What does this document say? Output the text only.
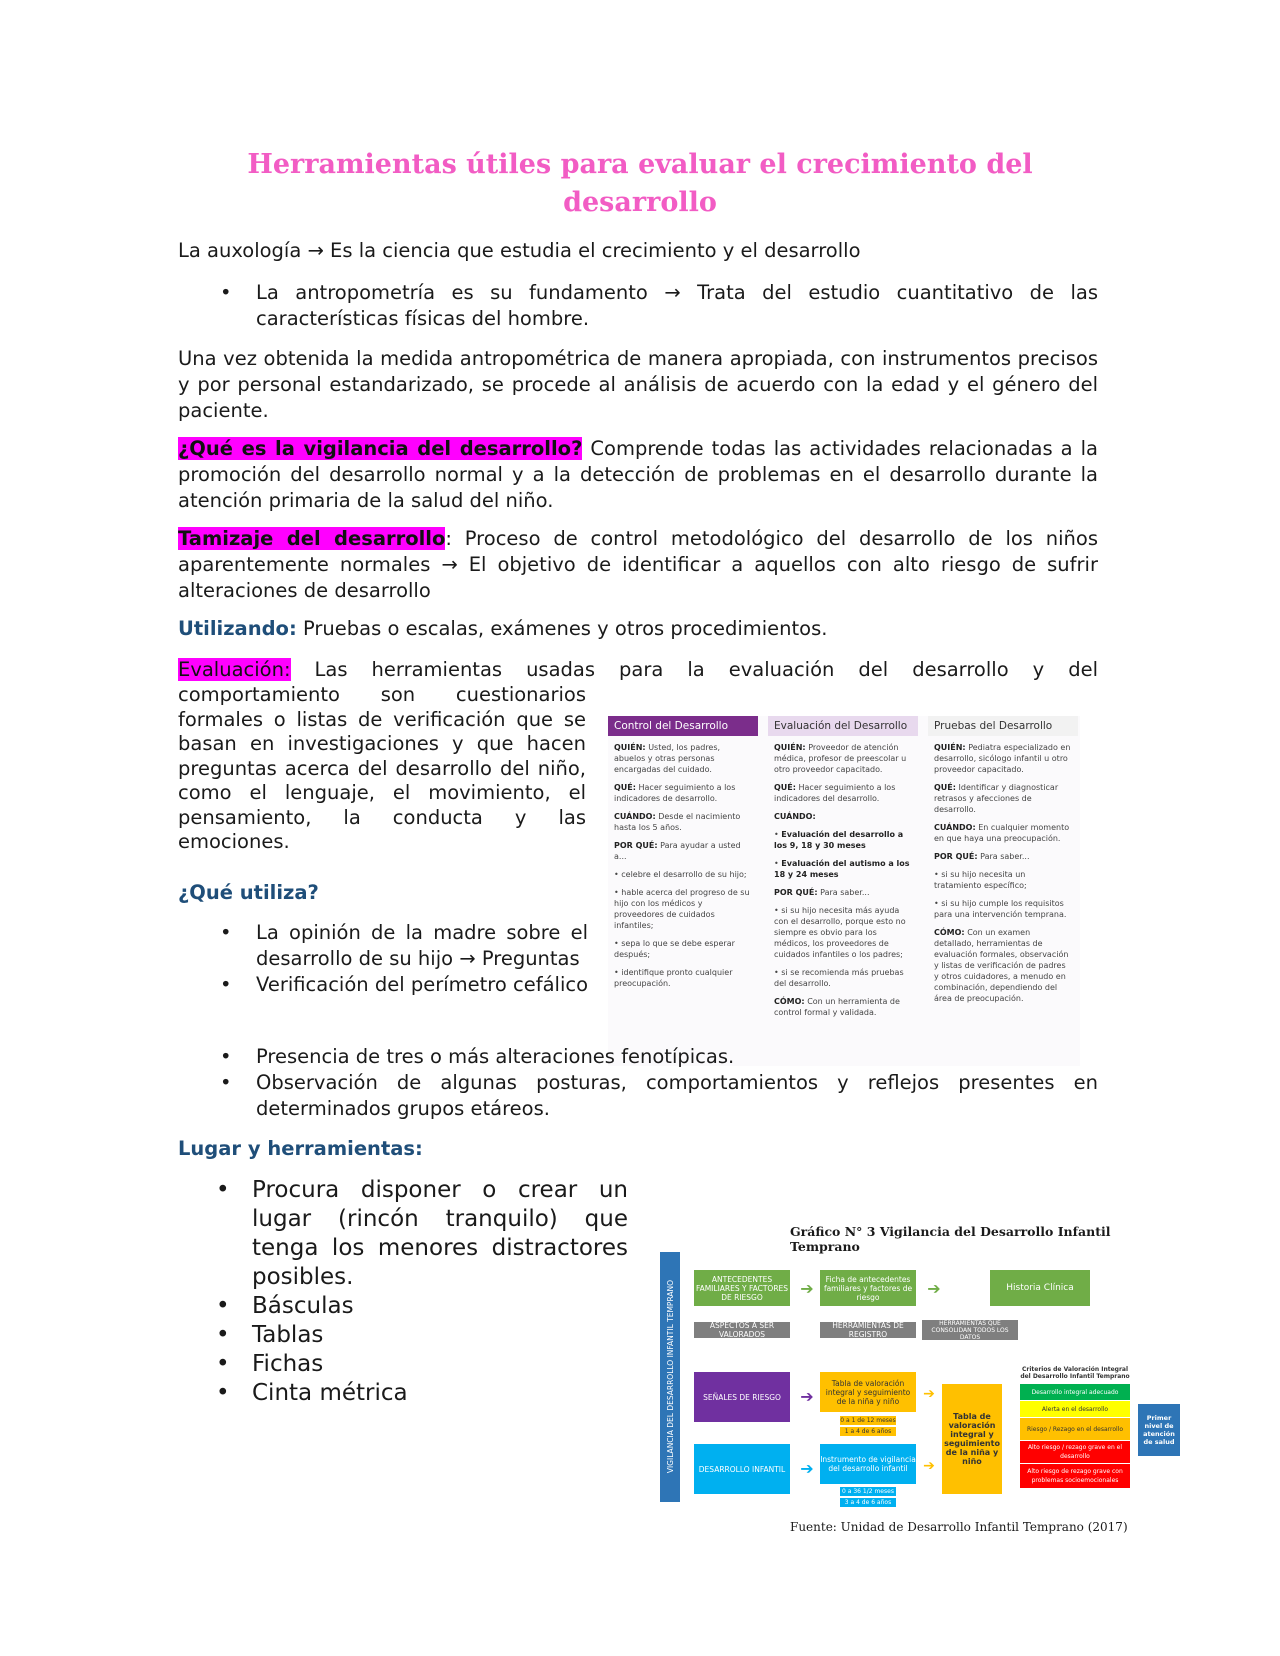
Herramientas útiles para evaluar el crecimiento del desarrollo

La auxología → Es la ciencia que estudia el crecimiento y el desarrollo

• La antropometría es su fundamento → Trata del estudio cuantitativo de las características físicas del hombre.

Una vez obtenida la medida antropométrica de manera apropiada, con instrumentos precisos y por personal estandarizado, se procede al análisis de acuerdo con la edad y el género del paciente.

¿Qué es la vigilancia del desarrollo? Comprende todas las actividades relacionadas a la promoción del desarrollo normal y a la detección de problemas en el desarrollo durante la atención primaria de la salud del niño.

Tamizaje del desarrollo: Proceso de control metodológico del desarrollo de los niños aparentemente normales → El objetivo de identificar a aquellos con alto riesgo de sufrir alteraciones de desarrollo

Utilizando: Pruebas o escalas, exámenes y otros procedimientos.

Evaluación: Las herramientas usadas para la evaluación del desarrollo y del

comportamiento son cuestionarios formales o listas de verificación que se basan en investigaciones y que hacen preguntas acerca del desarrollo del niño, como el lenguaje, el movimiento, el pensamiento, la conducta y las emociones.

Control del Desarrollo

QUIÉN: Usted, los padres, abuelos y otras personas encargadas del cuidado.

QUÉ: Hacer seguimiento a los indicadores de desarrollo.

CUÁNDO: Desde el nacimiento hasta los 5 años.

POR QUÉ: Para ayudar a usted a...

• celebre el desarrollo de su hijo;

• hable acerca del progreso de su hijo con los médicos y proveedores de cuidados infantiles;

• sepa lo que se debe esperar después;

• identifique pronto cualquier preocupación.

Evaluación del Desarrollo

QUIÉN: Proveedor de atención médica, profesor de preescolar u otro proveedor capacitado.

QUÉ: Hacer seguimiento a los indicadores del desarrollo.

CUÁNDO:

• Evaluación del desarrollo a los 9, 18 y 30 meses

• Evaluación del autismo a los 18 y 24 meses

POR QUÉ: Para saber...

• si su hijo necesita más ayuda con el desarrollo, porque esto no siempre es obvio para los médicos, los proveedores de cuidados infantiles o los padres;

• si se recomienda más pruebas del desarrollo.

CÓMO: Con un herramienta de control formal y validada.

Pruebas del Desarrollo

QUIÉN: Pediatra especializado en desarrollo, sicólogo infantil u otro proveedor capacitado.

QUÉ: Identificar y diagnosticar retrasos y afecciones de desarrollo.

CUÁNDO: En cualquier momento en que haya una preocupación.

POR QUÉ: Para saber...

• si su hijo necesita un tratamiento específico;

• si su hijo cumple los requisitos para una intervención temprana.

CÓMO: Con un examen detallado, herramientas de evaluación formales, observación y listas de verificación de padres y otros cuidadores, a menudo en combinación, dependiendo del área de preocupación.

¿Qué utiliza?

• La opinión de la madre sobre el desarrollo de su hijo → Preguntas
• Verificación del perímetro cefálico
• Presencia de tres o más alteraciones fenotípicas.
• Observación de algunas posturas, comportamientos y reflejos presentes en determinados grupos etáreos.

Lugar y herramientas:

• Procura disponer o crear un lugar (rincón tranquilo) que tenga los menores distractores posibles.
• Básculas
• Tablas
• Fichas
• Cinta métrica
Gráfico N° 3 Vigilancia del Desarrollo Infantil Temprano
VIGILANCIA DEL DESARROLLO INFANTIL TEMPRANO
ANTECEDENTES FAMILIARES Y FACTORES DE RIESGO	➔	Ficha de antecedentes familiares y factores de riesgo	➔	Historia Clínica
ASPECTOS A SER VALORADOS
HERRAMIENTAS DE REGISTRO
HERRAMIENTAS QUE CONSOLIDAN TODOS LOS DATOS
SEÑALES DE RIESGO	➔
Tabla de valoración integral y seguimiento de la niña y niño
0 a 1 de 12 meses
1 a 4 de 6 años
DESARROLLO INFANTIL ➔ Instrumento de vigilancia del desarrollo infantil
0 a 36 1/2 meses
3 a 4 de 6 años
➔
➔
Tabla de valoración integral y seguimiento de la niña y niño
Criterios de Valoración Integral del Desarrollo Infantil Temprano
Desarrollo integral adecuado
Alerta en el desarrollo
Riesgo / Rezago en el desarrollo
Alto riesgo / rezago grave en el desarrollo
Alto riesgo de rezago grave con problemas socioemocionales
Primer nivel de atención de salud
Fuente: Unidad de Desarrollo Infantil Temprano (2017)
